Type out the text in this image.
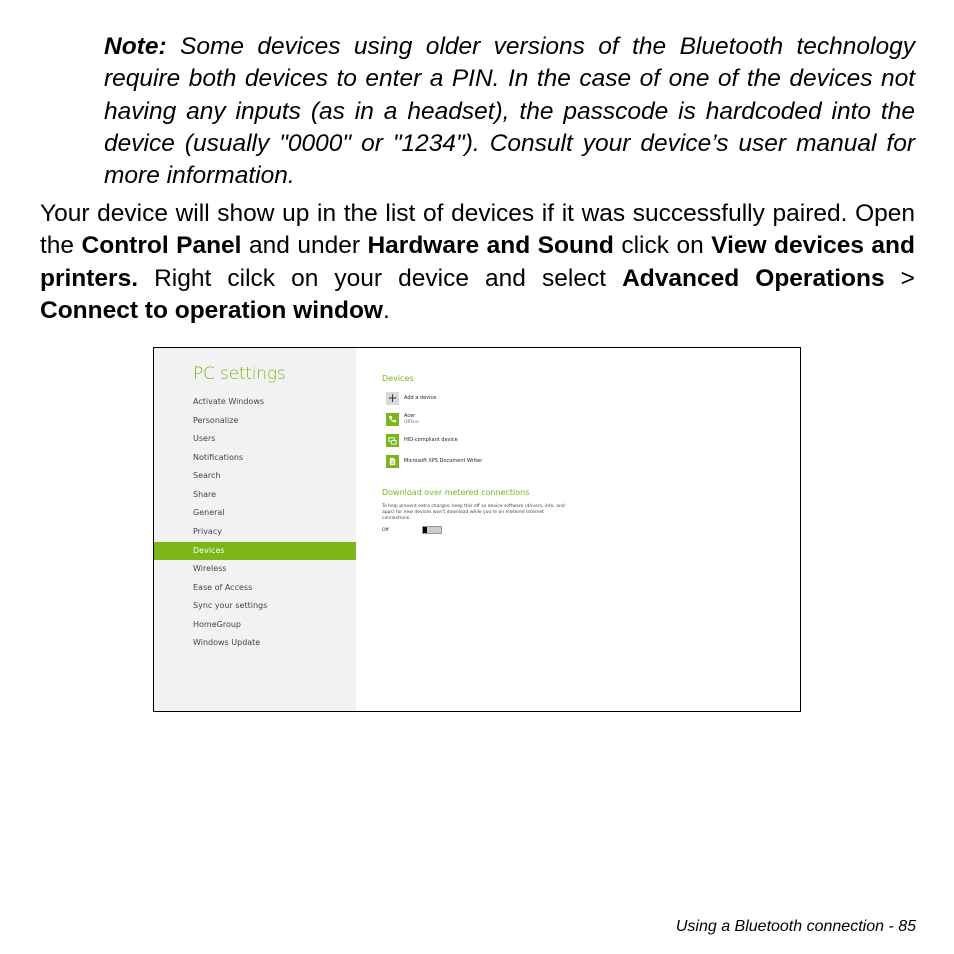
Note: Some devices using older versions of the Bluetooth technology require both devices to enter a PIN. In the case of one of the devices not having any inputs (as in a headset), the passcode is hardcoded into the device (usually "0000" or "1234"). Consult your device’s user manual for more information.
Your device will show up in the list of devices if it was successfully paired. Open the Control Panel and under Hardware and Sound click on View devices and printers. Right cilck on your device and select Advanced Operations > Connect to operation window.
PC settings
Activate Windows
Personalize
Users
Notifications
Search
Share
General
Privacy
Devices
Wireless
Ease of Access
Sync your settings
HomeGroup
Windows Update
Devices
+ Add a device
Acer
Offline
HID-compliant device
Microsoft XPS Document Writer
Download over metered connections
To help prevent extra charges, keep this off so device software (drivers, info, and apps) for new devices won't download while you're on metered Internet connections.
Off
Using a Bluetooth connection - 85
